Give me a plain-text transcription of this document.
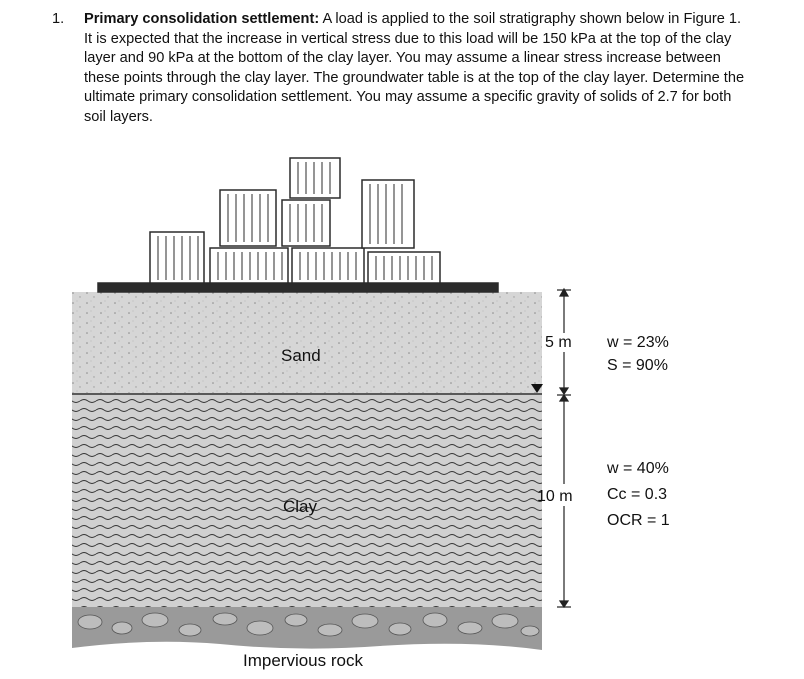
1. Primary consolidation settlement: A load is applied to the soil stratigraphy shown below in Figure 1. It is expected that the increase in vertical stress due to this load will be 150 kPa at the top of the clay layer and 90 kPa at the bottom of the clay layer. You may assume a linear stress increase between these points through the clay layer. The groundwater table is at the top of the clay layer. Determine the ultimate primary consolidation settlement. You may assume a specific gravity of solids of 2.7 for both soil layers.
Sand
Clay
Impervious rock
5 m
10 m
w = 23%
S = 90%
w = 40%
Cc = 0.3
OCR = 1
